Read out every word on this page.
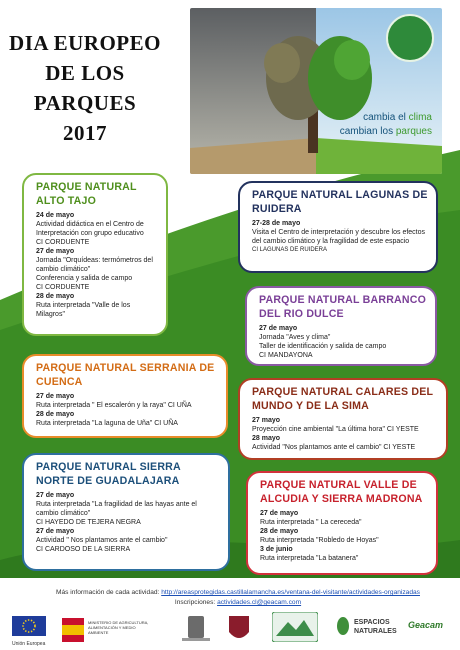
DIA EUROPEO
DE LOS
PARQUES
2017
cambia el clima
cambian los parques
PARQUE NATURAL ALTO TAJO
24 de mayo
Actividad didáctica en el Centro de Interpretación con grupo educativo
CI CORDUENTE
27 de mayo
Jornada "Orquídeas: termómetros del cambio climático"
Conferencia y salida de campo
CI CORDUENTE
28 de mayo
Ruta interpretada "Valle de los Milagros"
PARQUE NATURAL LAGUNAS DE RUIDERA
27-28 de mayo
Visita el Centro de interpretación y descubre los efectos del cambio climático y la fragilidad de este espacio
CI LAGUNAS DE RUIDERA
PARQUE NATURAL BARRANCO DEL RIO DULCE
27 de mayo
Jornada "Aves y clima"
Taller de identificación y salida de campo
CI MANDAYONA
PARQUE NATURAL SERRANIA DE CUENCA
27 de mayo
Ruta interpretada " El escalerón y la raya" CI UÑA
28 de mayo
Ruta interpretada "La laguna de Uña" CI UÑA
PARQUE NATURAL CALARES DEL MUNDO Y DE LA SIMA
27 mayo
Proyección cine ambiental "La última hora" CI YESTE
28 mayo
Actividad "Nos plantamos ante el cambio" CI YESTE
PARQUE NATURAL SIERRA NORTE DE GUADALAJARA
27 de mayo
Ruta interpretada "La fragilidad de las hayas ante el cambio climático"
CI HAYEDO DE TEJERA NEGRA
27 de mayo
Actividad " Nos plantamos ante el cambio"
CI CARDOSO DE LA SIERRA
PARQUE NATURAL VALLE DE ALCUDIA Y SIERRA MADRONA
27 de mayo
Ruta interpretada " La cereceda"
28 de mayo
Ruta interpretada "Robledo de Hoyas"
3 de junio
Ruta interpretada "La batanera"
Más información de cada actividad: http://areasprotegidas.castillalamancha.es/ventana-del-visitante/actividades-organizadas
Inscripciones: actividades.cl@geacam.com
Unión Europea
MINISTERIO DE AGRICULTURA, ALIMENTACIÓN Y MEDIO AMBIENTE
ESPACIOS NATURALES
Geacam
